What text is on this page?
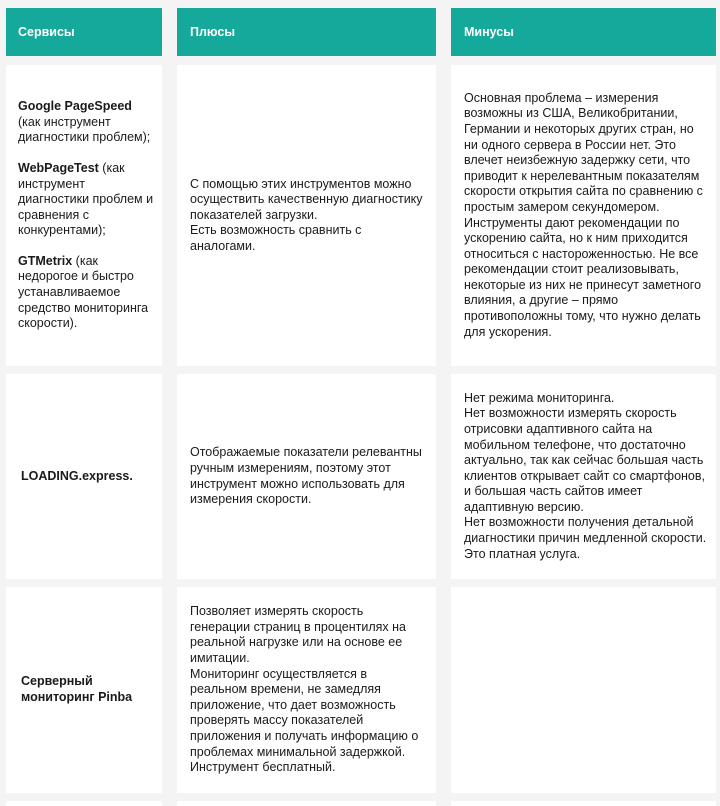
Сервисы	Плюсы	Минусы
Google PageSpeed
(как инструмент диагностики проблем);
WebPageTest (как инструмент диагностики проблем и сравнения с конкурентами);
GTMetrix (как недорогое и быстро устанавливаемое средство мониторинга скорости).
С помощью этих инструментов можно осуществить качественную диагностику показателей загрузки.
Есть возможность сравнить с аналогами.
Основная проблема – измерения возможны из США, Великобритании, Германии и некоторых других стран, но ни одного сервера в России нет. Это влечет неизбежную задержку сети, что приводит к нерелевантным показателям скорости открытия сайта по сравнению с простым замером секундомером.
Инструменты дают рекомендации по ускорению сайта, но к ним приходится относиться с настороженностью. Не все рекомендации стоит реализовывать, некоторые из них не принесут заметного влияния, а другие – прямо противоположны тому, что нужно делать для ускорения.
LOADING.express.
Отображаемые показатели релевантны ручным измерениям, поэтому этот инструмент можно использовать для измерения скорости.
Нет режима мониторинга.
Нет возможности измерять скорость отрисовки адаптивного сайта на мобильном телефоне, что достаточно актуально, так как сейчас большая часть клиентов открывает сайт со смартфонов, и большая часть сайтов имеет адаптивную версию.
Нет возможности получения детальной диагностики причин медленной скорости.
Это платная услуга.
Серверный мониторинг Pinba
Позволяет измерять скорость генерации страниц в процентилях на реальной нагрузке или на основе ее имитации.
Мониторинг осуществляется в реальном времени, не замедляя приложение, что дает возможность проверять массу показателей приложения и получать информацию о проблемах минимальной задержкой.
Инструмент бесплатный.
